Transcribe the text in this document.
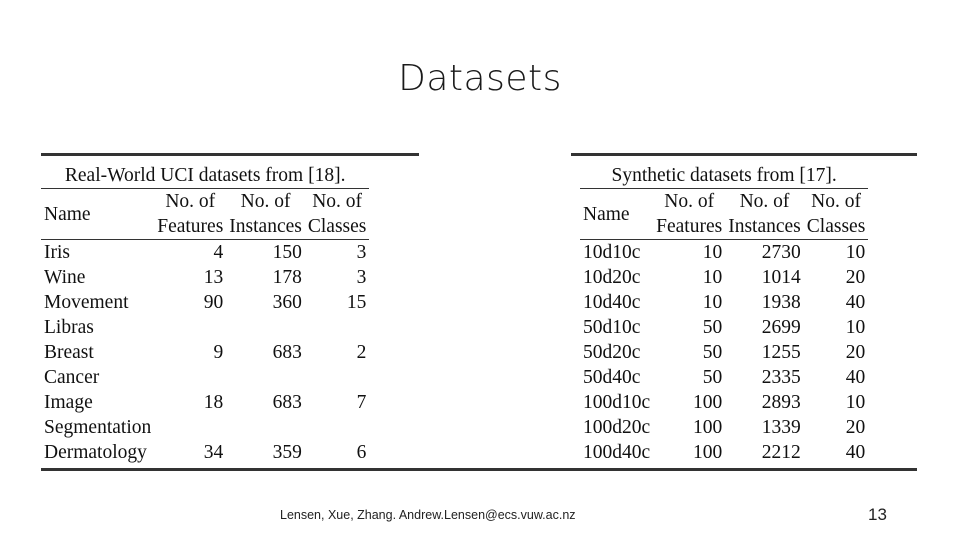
Datasets
Real-World UCI datasets from [18].			
Name	No. of	No. of	No. of
	Features	Instances	Classes

Iris	4	150	3
Wine	13	178	3
Movement	90	360	15
Libras			
Breast	9	683	2
Cancer			
Image	18	683	7
Segmentation			
Dermatology	34	359	6
Synthetic datasets from [17].			
Name	No. of	No. of	No. of
	Features	Instances	Classes

10d10c	10	2730	10
10d20c	10	1014	20
10d40c	10	1938	40
50d10c	50	2699	10
50d20c	50	1255	20
50d40c	50	2335	40
100d10c	100	2893	10
100d20c	100	1339	20
100d40c	100	2212	40
Lensen, Xue, Zhang. Andrew.Lensen@ecs.vuw.ac.nz	13
